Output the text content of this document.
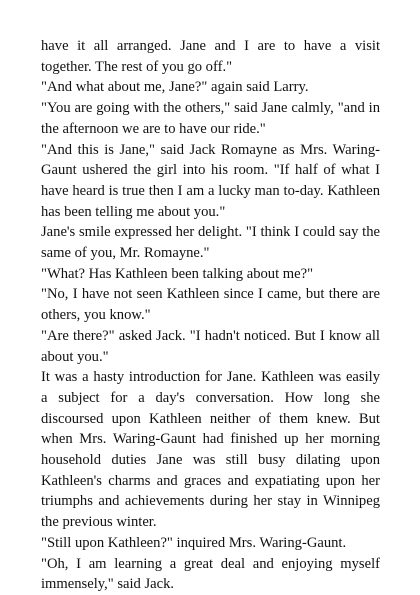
have it all arranged. Jane and I are to have a visit together. The rest of you go off."

"And what about me, Jane?" again said Larry.

"You are going with the others," said Jane calmly, "and in the afternoon we are to have our ride."

"And this is Jane," said Jack Romayne as Mrs. Waring-Gaunt ushered the girl into his room. "If half of what I have heard is true then I am a lucky man to-day. Kathleen has been telling me about you."

Jane's smile expressed her delight. "I think I could say the same of you, Mr. Romayne."

"What? Has Kathleen been talking about me?"

"No, I have not seen Kathleen since I came, but there are others, you know."

"Are there?" asked Jack. "I hadn't noticed. But I know all about you."

It was a hasty introduction for Jane. Kathleen was easily a subject for a day's conversation. How long she discoursed upon Kathleen neither of them knew. But when Mrs. Waring-Gaunt had finished up her morning household duties Jane was still busy dilating upon Kathleen's charms and graces and expatiating upon her triumphs and achievements during her stay in Winnipeg the previous winter.

"Still upon Kathleen?" inquired Mrs. Waring-Gaunt.

"Oh, I am learning a great deal and enjoying myself immensely," said Jack.
